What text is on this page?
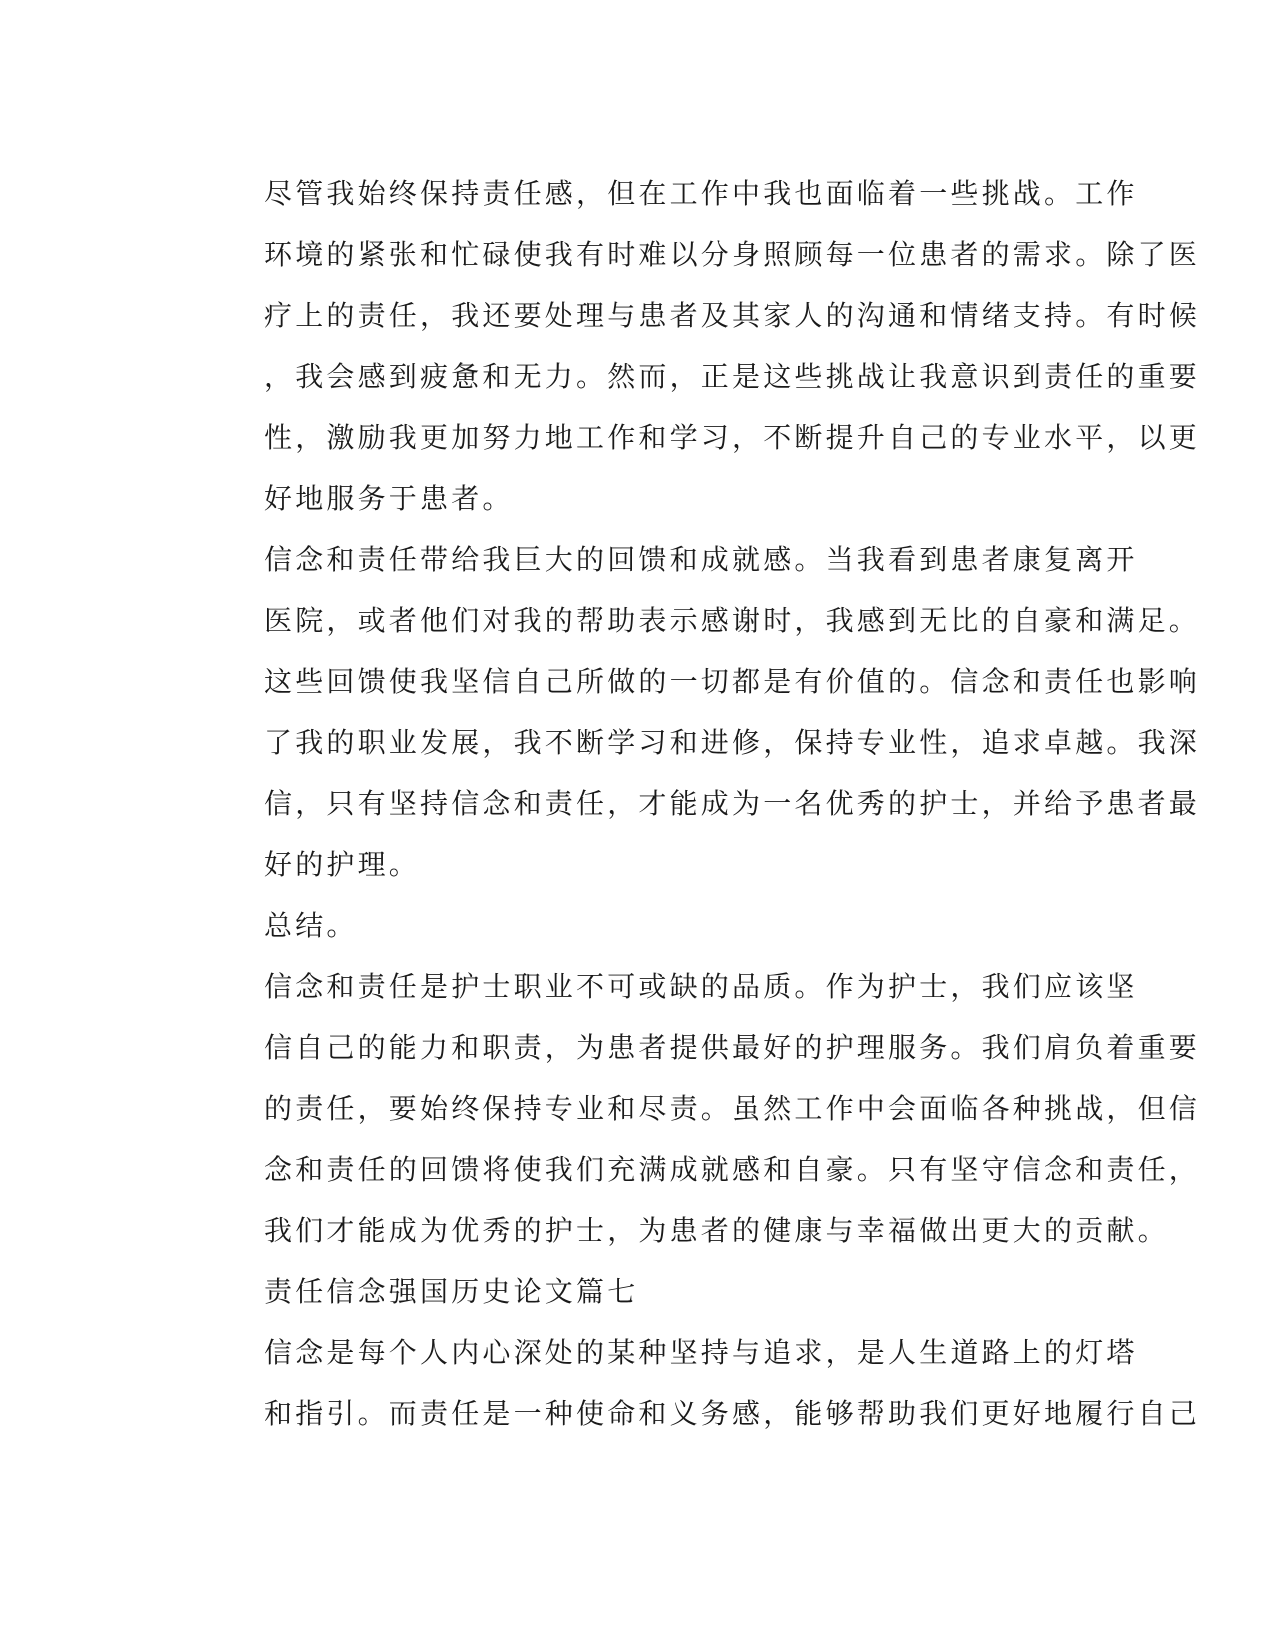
尽管我始终保持责任感，但在工作中我也面临着一些挑战。工作
环境的紧张和忙碌使我有时难以分身照顾每一位患者的需求。除了医
疗上的责任，我还要处理与患者及其家人的沟通和情绪支持。有时候
，我会感到疲惫和无力。然而，正是这些挑战让我意识到责任的重要
性，激励我更加努力地工作和学习，不断提升自己的专业水平，以更
好地服务于患者。

信念和责任带给我巨大的回馈和成就感。当我看到患者康复离开
医院，或者他们对我的帮助表示感谢时，我感到无比的自豪和满足。
这些回馈使我坚信自己所做的一切都是有价值的。信念和责任也影响
了我的职业发展，我不断学习和进修，保持专业性，追求卓越。我深
信，只有坚持信念和责任，才能成为一名优秀的护士，并给予患者最
好的护理。

总结。

信念和责任是护士职业不可或缺的品质。作为护士，我们应该坚
信自己的能力和职责，为患者提供最好的护理服务。我们肩负着重要
的责任，要始终保持专业和尽责。虽然工作中会面临各种挑战，但信
念和责任的回馈将使我们充满成就感和自豪。只有坚守信念和责任，
我们才能成为优秀的护士，为患者的健康与幸福做出更大的贡献。

责任信念强国历史论文篇七

信念是每个人内心深处的某种坚持与追求，是人生道路上的灯塔
和指引。而责任是一种使命和义务感，能够帮助我们更好地履行自己
